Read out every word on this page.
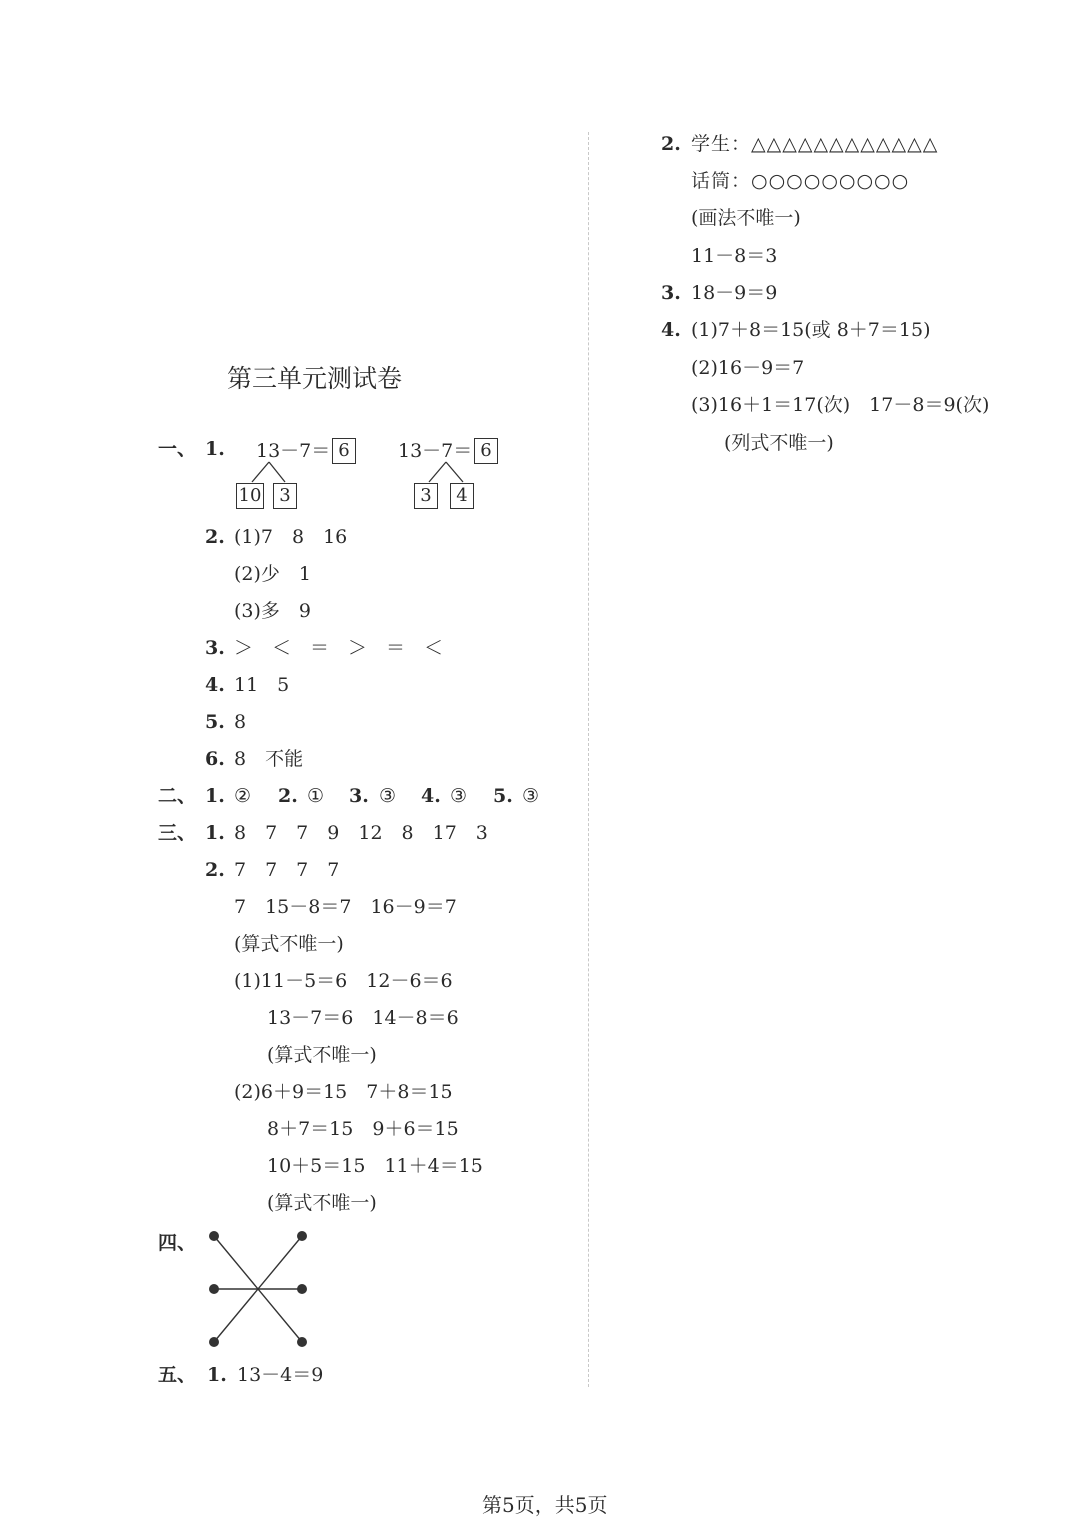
第三单元测试卷
一、 1. 13－7＝ 6
10 3
13－7＝ 6
3	4
2. (1)7　8　16
(2)少　1
(3)多　9
3. ＞　＜　＝　＞　＝　＜
4. 11　5
5. 8
6. 8　不能
二、 1. ② 2. ① 3. ③ 4. ③ 5. ③
三、 1. 8　7　7　9　12　8　17　3
2. 7　7　7　7
7　15－8＝7　16－9＝7
(算式不唯一)
(1)11－5＝6　12－6＝6
13－7＝6　14－8＝6
(算式不唯一)
(2)6＋9＝15　7＋8＝15
8＋7＝15　9＋6＝15
10＋5＝15　11＋4＝15
(算式不唯一)
四、
五、 1. 13－4＝9
2. 学生：△△△△△△△△△△△△
话筒：○○○○○○○○○
(画法不唯一)
11－8＝3
3. 18－9＝9
4. (1)7＋8＝15(或 8＋7＝15)
(2)16－9＝7
(3)16＋1＝17(次)　17－8＝9(次)
(列式不唯一)
第5页，共5页
